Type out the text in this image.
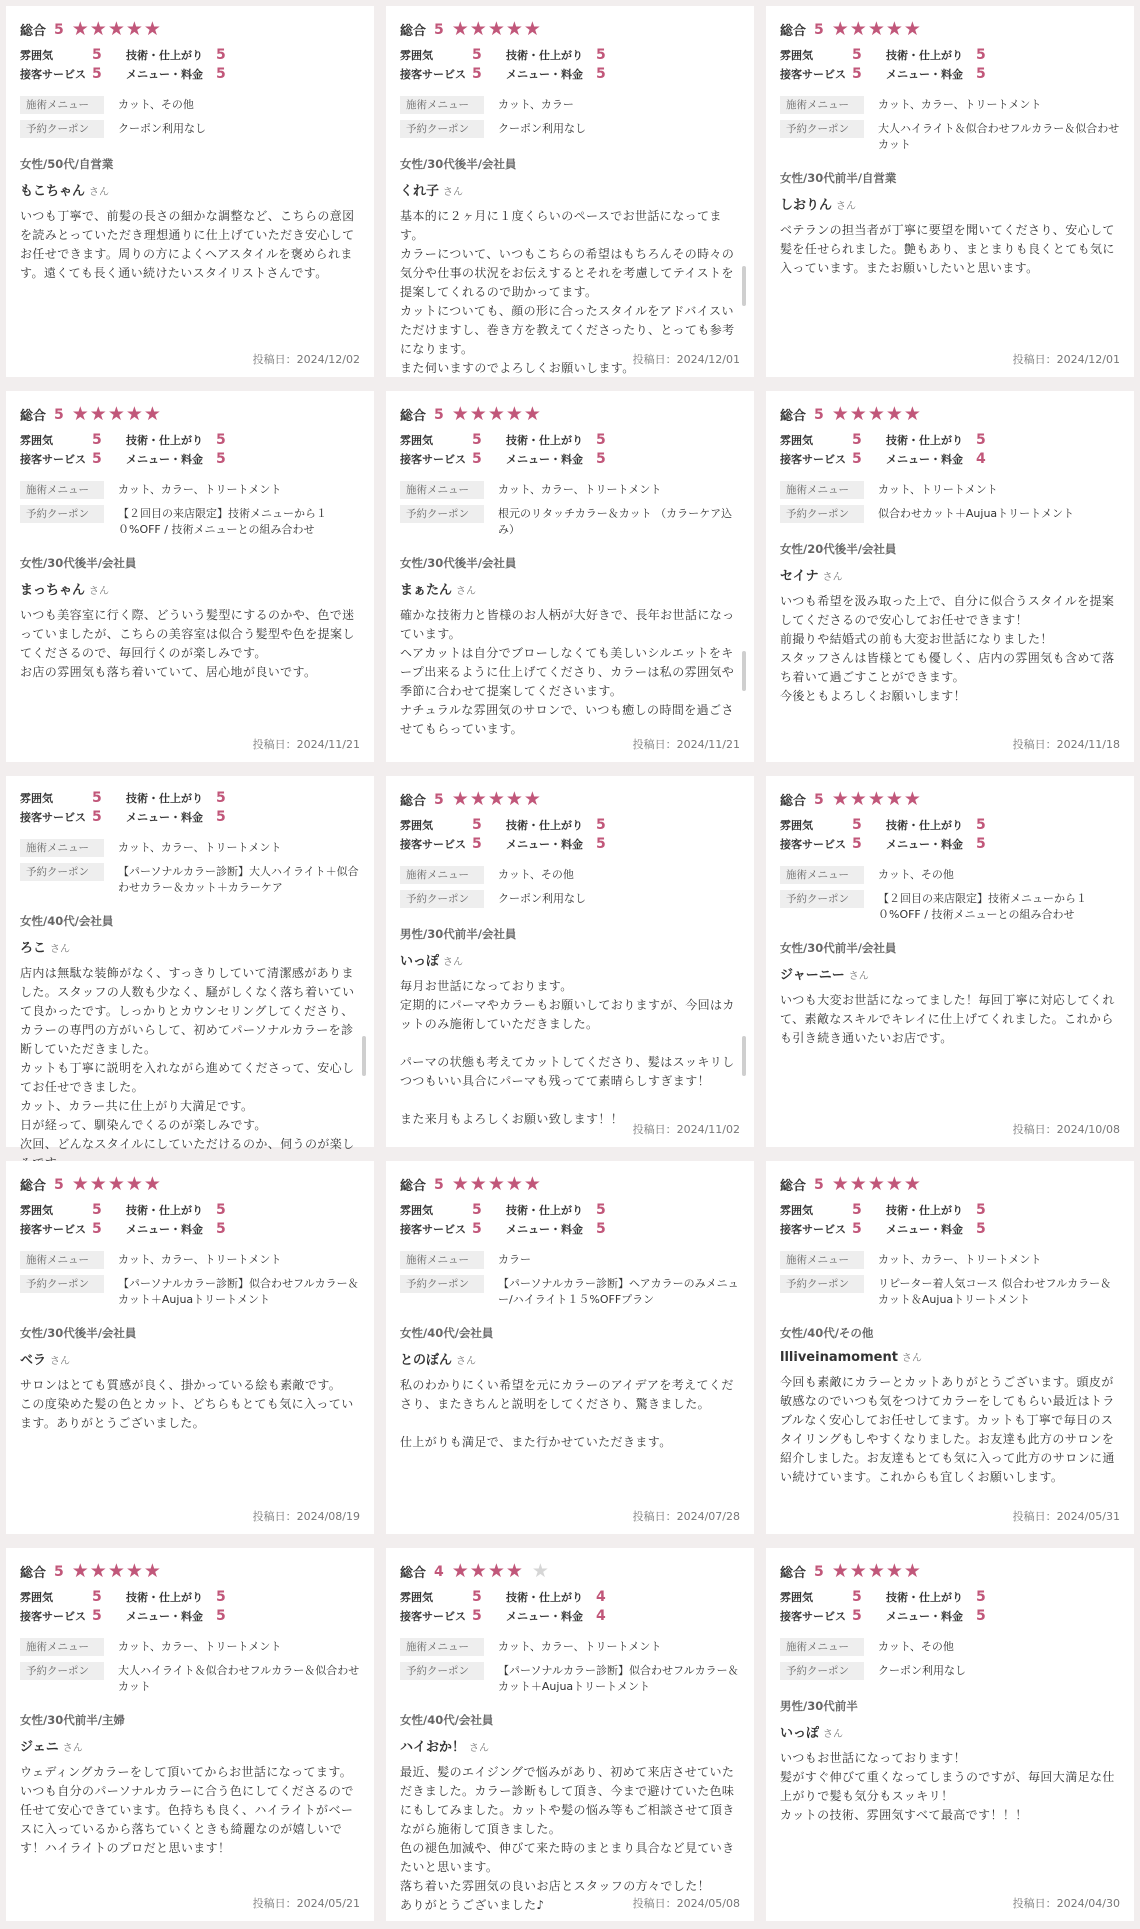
総合 5 ★★★★★
雰囲気	5	技術・仕上がり 5
接客サービス 5	メニュー・料金 5
施術メニュー	カット、その他
予約クーポン	クーポン利用なし
女性/50代/自営業
もこちゃん さん
いつも丁寧で、前髪の長さの細かな調整など、こちらの意図を読みとっていただき理想通りに仕上げていただき安心してお任せできます。周りの方によくヘアスタイルを褒められます。遠くても長く通い続けたいスタイリストさんです。
投稿日：2024/12/02
総合 5 ★★★★★
雰囲気	5	技術・仕上がり 5
接客サービス 5	メニュー・料金 5
施術メニュー	カット、カラー
予約クーポン	クーポン利用なし
女性/30代後半/会社員
くれ子 さん
基本的に２ヶ月に１度くらいのペースでお世話になってます。
カラーについて、いつもこちらの希望はもちろんその時々の気分や仕事の状況をお伝えするとそれを考慮してテイストを提案してくれるので助かってます。
カットについても、顔の形に合ったスタイルをアドバイスいただけますし、巻き方を教えてくださったり、とっても参考になります。
また伺いますのでよろしくお願いします。
投稿日：2024/12/01
総合 5 ★★★★★
雰囲気	5	技術・仕上がり 5
接客サービス 5	メニュー・料金 5
施術メニュー	カット、カラー、トリートメント
予約クーポン	大人ハイライト＆似合わせフルカラー＆似合わせカット
女性/30代前半/自営業
しおりん さん
ベテランの担当者が丁寧に要望を聞いてくださり、安心して髪を任せられました。艶もあり、まとまりも良くとても気に入っています。またお願いしたいと思います。
投稿日：2024/12/01
総合 5 ★★★★★
雰囲気	5	技術・仕上がり 5
接客サービス 5	メニュー・料金 5
施術メニュー	カット、カラー、トリートメント
予約クーポン	【２回目の来店限定】技術メニューから１０%OFF / 技術メニューとの組み合わせ
女性/30代後半/会社員
まっちゃん さん
いつも美容室に行く際、どういう髪型にするのかや、色で迷っていましたが、こちらの美容室は似合う髪型や色を提案してくださるので、毎回行くのが楽しみです。
お店の雰囲気も落ち着いていて、居心地が良いです。
投稿日：2024/11/21
総合 5 ★★★★★
雰囲気	5	技術・仕上がり 5
接客サービス 5	メニュー・料金 5
施術メニュー	カット、カラー、トリートメント
予約クーポン	根元のリタッチカラー＆カット （カラーケア込み）
女性/30代後半/会社員
まぁたん さん
確かな技術力と皆様のお人柄が大好きで、長年お世話になっています。
ヘアカットは自分でブローしなくても美しいシルエットをキープ出来るように仕上げてくださり、カラーは私の雰囲気や季節に合わせて提案してくださいます。
ナチュラルな雰囲気のサロンで、いつも癒しの時間を過ごさせてもらっています。
投稿日：2024/11/21
総合 5 ★★★★★
雰囲気	5	技術・仕上がり 5
接客サービス 5	メニュー・料金 4
施術メニュー	カット、トリートメント
予約クーポン	似合わせカット＋Aujuaトリートメント
女性/20代後半/会社員
セイナ さん
いつも希望を汲み取った上で、自分に似合うスタイルを提案してくださるので安心してお任せできます！
前撮りや結婚式の前も大変お世話になりました！
スタッフさんは皆様とても優しく、店内の雰囲気も含めて落ち着いて過ごすことができます。
今後ともよろしくお願いします！
投稿日：2024/11/18
雰囲気	5	技術・仕上がり 5
接客サービス 5	メニュー・料金 5
施術メニュー	カット、カラー、トリートメント
予約クーポン	【パーソナルカラー診断】大人ハイライト＋似合わせカラー＆カット＋カラーケア
女性/40代/会社員
ろこ さん
店内は無駄な装飾がなく、すっきりしていて清潔感がありました。スタッフの人数も少なく、騒がしくなく落ち着いていて良かったです。しっかりとカウンセリングしてくださり、カラーの専門の方がいらして、初めてパーソナルカラーを診断していただきました。
カットも丁寧に説明を入れながら進めてくださって、安心してお任せできました。
カット、カラー共に仕上がり大満足です。
日が経って、馴染んでくるのが楽しみです。
次回、どんなスタイルにしていただけるのか、伺うのが楽し
総合 5 ★★★★★
雰囲気	5	技術・仕上がり 5
接客サービス 5	メニュー・料金 5
施術メニュー	カット、その他
予約クーポン	クーポン利用なし
男性/30代前半/会社員
いっぽ さん
毎月お世話になっております。
定期的にパーマやカラーもお願いしておりますが、今回はカットのみ施術していただきました。

パーマの状態も考えてカットしてくださり、髪はスッキリしつつもいい具合にパーマも残ってて素晴らしすぎます！

また来月もよろしくお願い致します！！
投稿日：2024/11/02
総合 5 ★★★★★
雰囲気	5	技術・仕上がり 5
接客サービス 5	メニュー・料金 5
施術メニュー	カット、その他
予約クーポン	【２回目の来店限定】技術メニューから１０%OFF / 技術メニューとの組み合わせ
女性/30代前半/会社員
ジャーニー さん
いつも大変お世話になってました！毎回丁寧に対応してくれて、素敵なスキルでキレイに仕上げてくれました。これからも引き続き通いたいお店です。
投稿日：2024/10/08
総合 5 ★★★★★
雰囲気	5	技術・仕上がり 5
接客サービス 5	メニュー・料金 5
施術メニュー	カット、カラー、トリートメント
予約クーポン	【パーソナルカラー診断】似合わせフルカラー＆カット＋Aujuaトリートメント
女性/30代後半/会社員
ベラ さん
サロンはとても質感が良く、掛かっている絵も素敵です。
この度染めた髪の色とカット、どちらもとても気に入っています。ありがとうございました。
投稿日：2024/08/19
総合 5 ★★★★★
雰囲気	5	技術・仕上がり 5
接客サービス 5	メニュー・料金 5
施術メニュー	カラー
予約クーポン	【パーソナルカラー診断】ヘアカラーのみメニュー/ハイライト１５%OFFプラン
女性/40代/会社員
とのぼん さん
私のわかりにくい希望を元にカラーのアイデアを考えてくださり、またきちんと説明をしてくださり、驚きました。

仕上がりも満足で、また行かせていただきます。
投稿日：2024/07/28
総合 5 ★★★★★
雰囲気	5	技術・仕上がり 5
接客サービス 5	メニュー・料金 5
施術メニュー	カット、カラー、トリートメント
予約クーポン	リピーター着人気コース 似合わせフルカラー＆カット＆Aujuaトリートメント
女性/40代/その他
llliveinamoment さん
今回も素敵にカラーとカットありがとうございます。頭皮が敏感なのでいつも気をつけてカラーをしてもらい最近はトラブルなく安心してお任せしてます。カットも丁寧で毎日のスタイリングもしやすくなりました。お友達も此方のサロンを紹介しました。お友達もとても気に入って此方のサロンに通い続けています。これからも宜しくお願いします。
投稿日：2024/05/31
総合 5 ★★★★★
雰囲気	5	技術・仕上がり 5
接客サービス 5	メニュー・料金 5
施術メニュー	カット、カラー、トリートメント
予約クーポン	大人ハイライト＆似合わせフルカラー＆似合わせカット
女性/30代前半/主婦
ジェニ さん
ウェディングカラーをして頂いてからお世話になってます。
いつも自分のパーソナルカラーに合う色にしてくださるので任せて安心できています。色持ちも良く、ハイライトがベースに入っているから落ちていくときも綺麗なのが嬉しいです！ハイライトのプロだと思います！
投稿日：2024/05/21
総合 4 ★★★★ ★
雰囲気	5	技術・仕上がり 4
接客サービス 5	メニュー・料金 4
施術メニュー	カット、カラー、トリートメント
予約クーポン	【パーソナルカラー診断】似合わせフルカラー＆カット＋Aujuaトリートメント
女性/40代/会社員
ハイおか！ さん
最近、髪のエイジングで悩みがあり、初めて来店させていただきました。カラー診断もして頂き、今まで避けていた色味にもしてみました。カットや髪の悩み等もご相談させて頂きながら施術して頂きました。
色の褪色加減や、伸びて来た時のまとまり具合など見ていきたいと思います。
落ち着いた雰囲気の良いお店とスタッフの方々でした！
ありがとうございました♪	投稿日：2024/05/08
総合 5 ★★★★★
雰囲気	5	技術・仕上がり 5
接客サービス 5	メニュー・料金 5
施術メニュー	カット、その他
予約クーポン	クーポン利用なし
男性/30代前半
いっぽ さん
いつもお世話になっております！
髪がすぐ伸びて重くなってしまうのですが、毎回大満足な仕上がりで髪も気分もスッキリ！
カットの技術、雰囲気すべて最高です！！！
投稿日：2024/04/30
